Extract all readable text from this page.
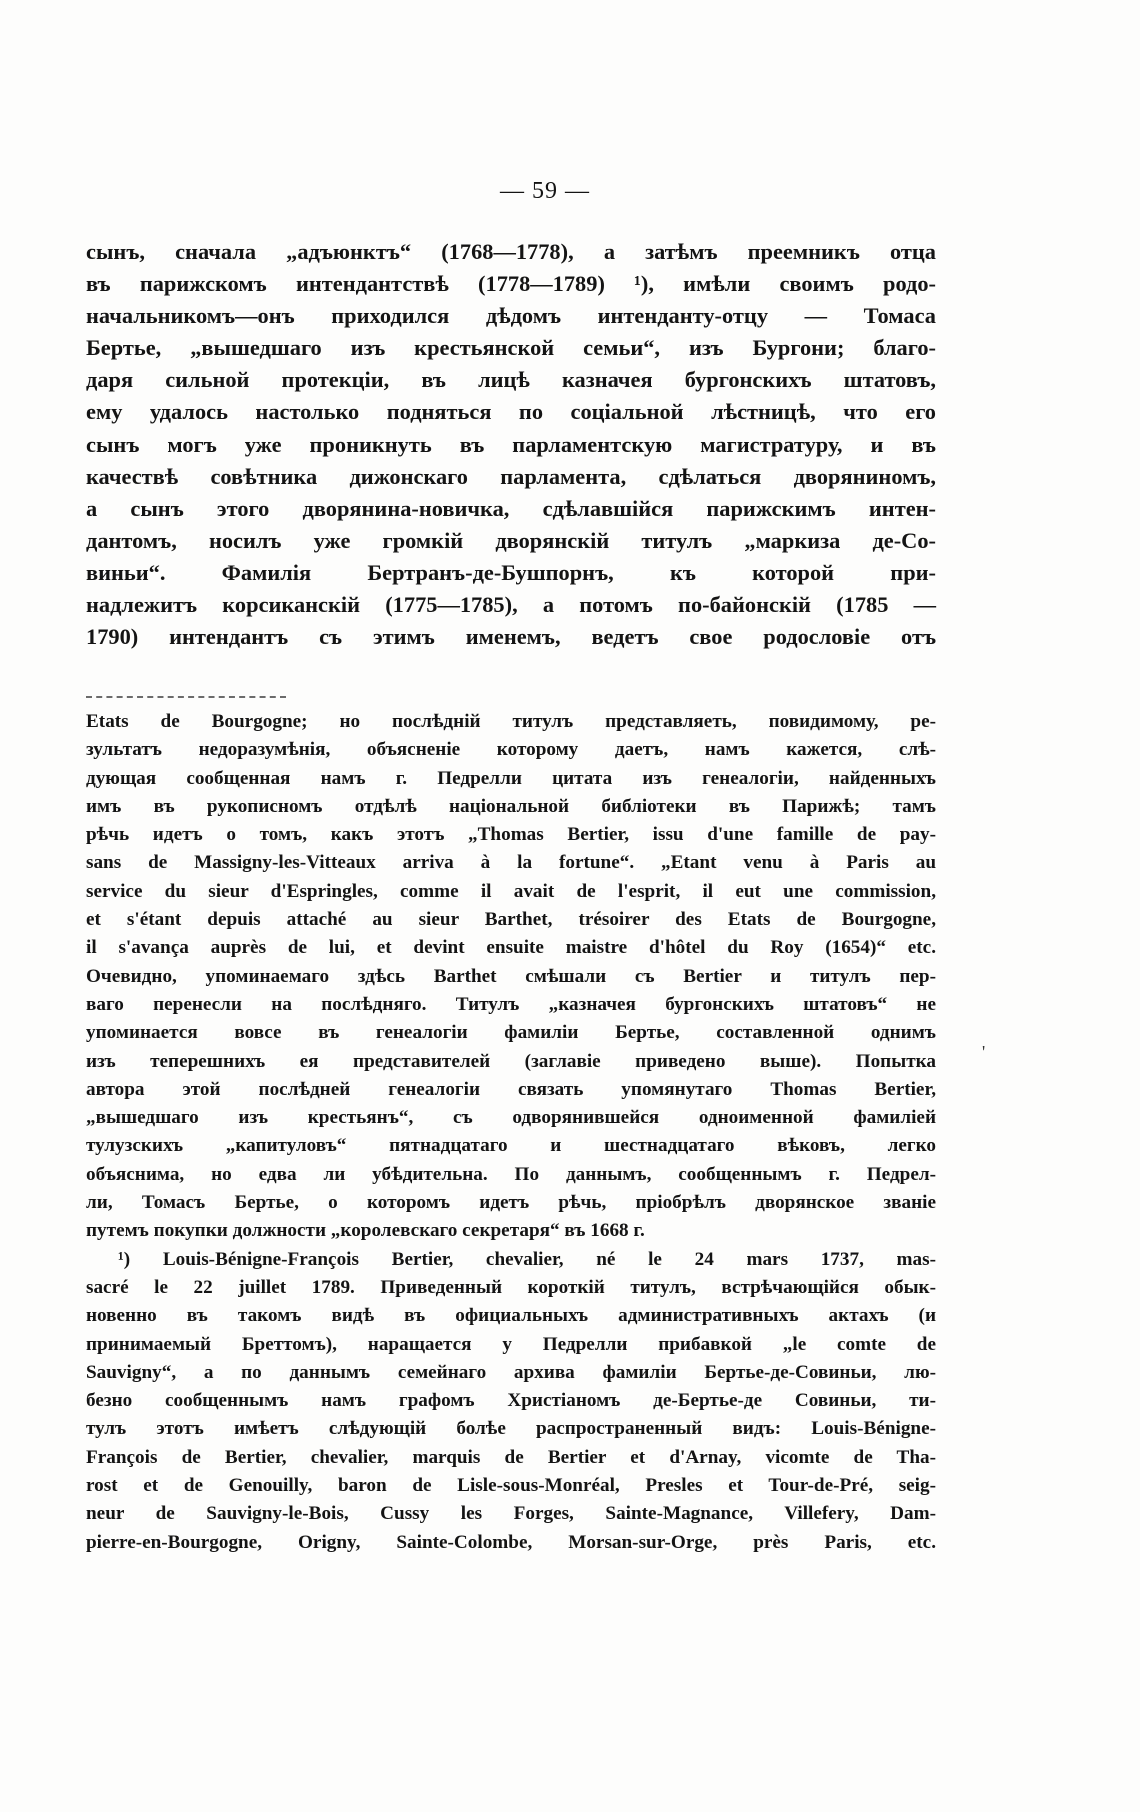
— 59 —
сынъ, сначала „адъюнктъ“ (1768—1778), а затѣмъ преемникъ отца
въ парижскомъ интендантствѣ (1778—1789) ¹), имѣли своимъ родо-
начальникомъ—онъ приходился дѣдомъ интенданту-отцу — Томаса
Бертье, „вышедшаго изъ крестьянской семьи“, изъ Бургони; благо-
даря сильной протекціи, въ лицѣ казначея бургонскихъ штатовъ,
ему удалось настолько подняться по соціальной лѣстницѣ, что его
сынъ могъ уже проникнуть въ парламентскую магистратуру, и въ
качествѣ совѣтника дижонскаго парламента, сдѣлаться дворяниномъ,
а сынъ этого дворянина-новичка, сдѣлавшійся парижскимъ интен-
дантомъ, носилъ уже громкій дворянскій титулъ „маркиза де-Со-
виньи“. Фамилія Бертранъ-де-Бушпорнъ, къ которой при-
надлежитъ корсиканскій (1775—1785), а потомъ по-байонскій (1785 —
1790) интендантъ съ этимъ именемъ, ведетъ свое родословіе отъ
Etats de Bourgogne; но послѣдній титулъ представляеть, повидимому, ре-
зультатъ недоразумѣнія, объясненіе которому даетъ, намъ кажется, слѣ-
дующая сообщенная намъ г. Педрелли цитата изъ генеалогіи, найденныхъ
имъ въ рукописномъ отдѣлѣ національной библіотеки въ Парижѣ; тамъ
рѣчь идетъ о томъ, какъ этотъ „Thomas Bertier, issu d'une famille de pay-
sans de Massigny-les-Vitteaux arriva à la fortune“. „Etant venu à Paris au
service du sieur d'Espringles, comme il avait de l'esprit, il eut une commission,
et s'étant depuis attaché au sieur Barthet, trésoirer des Etats de Bourgogne,
il s'avança auprès de lui, et devint ensuite maistre d'hôtel du Roy (1654)“ etc.
Очевидно, упоминаемаго здѣсь Barthet смѣшали съ Bertier и титулъ пер-
ваго перенесли на послѣдняго. Титулъ „казначея бургонскихъ штатовъ“ не
упоминается вовсе въ генеалогіи фамиліи Бертье, составленной однимъ
изъ теперешнихъ ея представителей (заглавіе приведено выше). Попытка
автора этой послѣдней генеалогіи связать упомянутаго Thomas Bertier,
„вышедшаго изъ крестьянъ“, съ одворянившейся одноименной фамиліей
тулузскихъ „капитуловъ“ пятнадцатаго и шестнадцатаго вѣковъ, легко
объяснима, но едва ли убѣдительна. По даннымъ, сообщеннымъ г. Педрел-
ли, Томасъ Бертье, о которомъ идетъ рѣчь, пріобрѣлъ дворянское званіе
путемъ покупки должности „королевскаго секретаря“ въ 1668 г.
¹) Louis-Bénigne-François Bertier, chevalier, né le 24 mars 1737, mas-
sacré le 22 juillet 1789. Приведенный короткій титулъ, встрѣчающійся обык-
новенно въ такомъ видѣ въ официальныхъ административныхъ актахъ (и
принимаемый Бреттомъ), наращается у Педрелли прибавкой „le comte de
Sauvigny“, а по даннымъ семейнаго архива фамиліи Бертье-де-Совиньи, лю-
безно сообщеннымъ намъ графомъ Христіаномъ де-Бертье-де Совиньи, ти-
тулъ этотъ имѣетъ слѣдующій болѣе распространенный видъ: Louis-Bénigne-
François de Bertier, chevalier, marquis de Bertier et d'Arnay, vicomte de Tha-
rost et de Genouilly, baron de Lisle-sous-Monréal, Presles et Tour-de-Pré, seig-
neur de Sauvigny-le-Bois, Cussy les Forges, Sainte-Magnance, Villefery, Dam-
pierre-en-Bourgogne, Origny, Sainte-Colombe, Morsan-sur-Orge, près Paris, etc.
'
